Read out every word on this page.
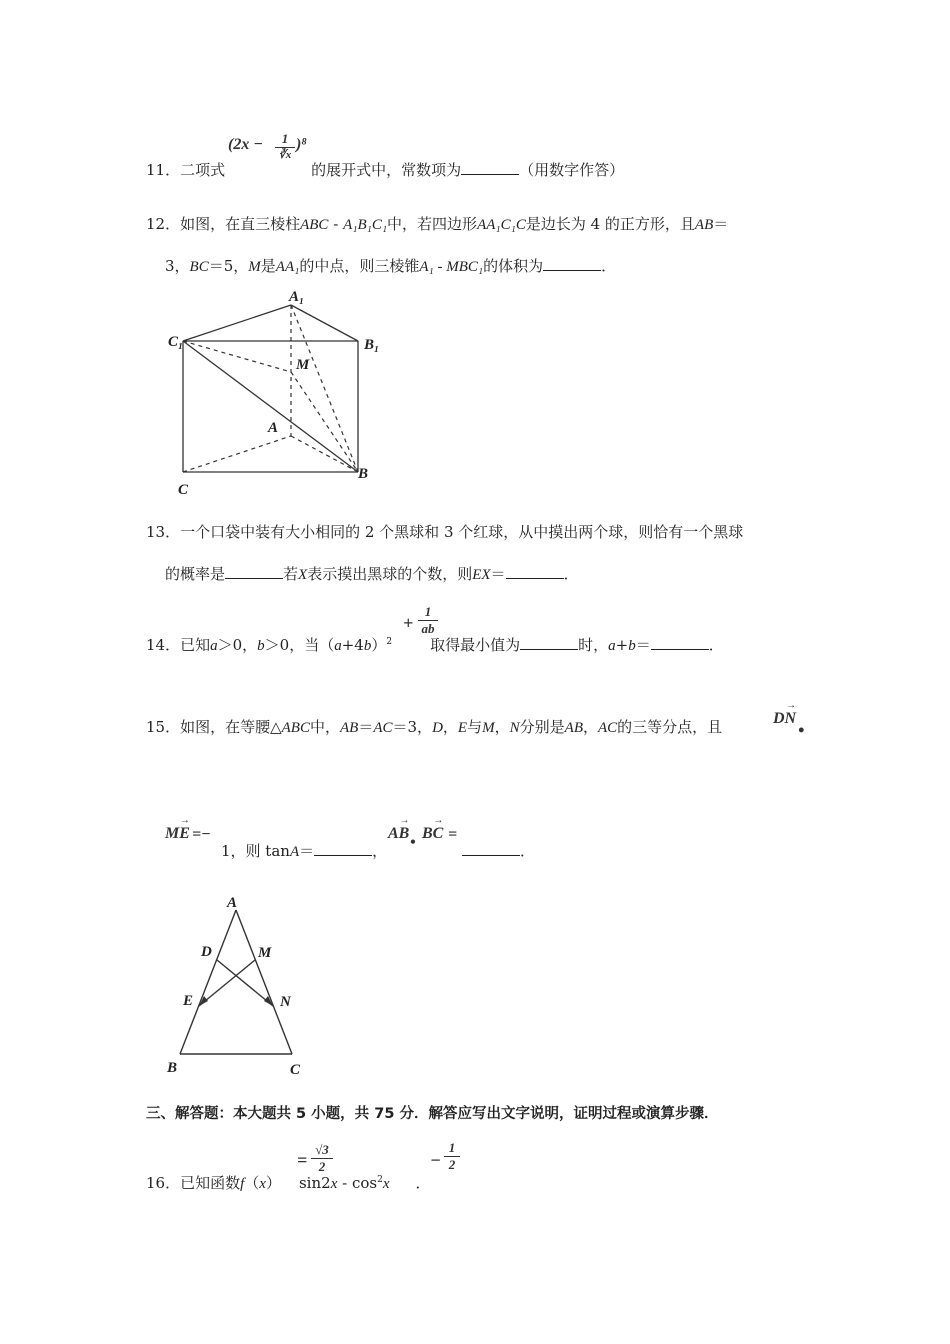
(2x −	1
∛x
)⁸
11．二项式	的展开式中，常数项为	（用数字作答）
12．如图，在直三棱柱ABC - A₁B₁C₁中，若四边形AA₁C₁C是边长为 4 的正方形，且AB＝
3，BC＝5，M是AA₁的中点，则三棱锥A₁ - MBC₁的体积为	．
A₁
B₁
C₁
M
A
B
C
13．一个口袋中装有大小相同的 2 个黑球和 3 个红球，从中摸出两个球，则恰有一个黑球
的概率是	若X表示摸出黑球的个数，则EX＝	．
14．已知a＞0，b＞0，当$(a+4b)^2$	取得最小值为	时，a+b＝	．
+ $\frac{1}{ab}$
15．如图，在等腰△ABC中，AB＝AC＝3，D，E与M，N分别是AB，AC的三等分点，且
→
DN
•
→
ME =−
1，则 tanA＝	，
→
AB
•
→
BC =
．
A
B	C
D
E
M
N
三、解答题：本大题共 5 小题，共 75 分．解答应写出文字说明，证明过程或演算步骤．
16．已知函数f（x） $\sin 2x - \cos^2x$ ．
= $\frac{√3}{2}$	− $\frac{1}{2}$
